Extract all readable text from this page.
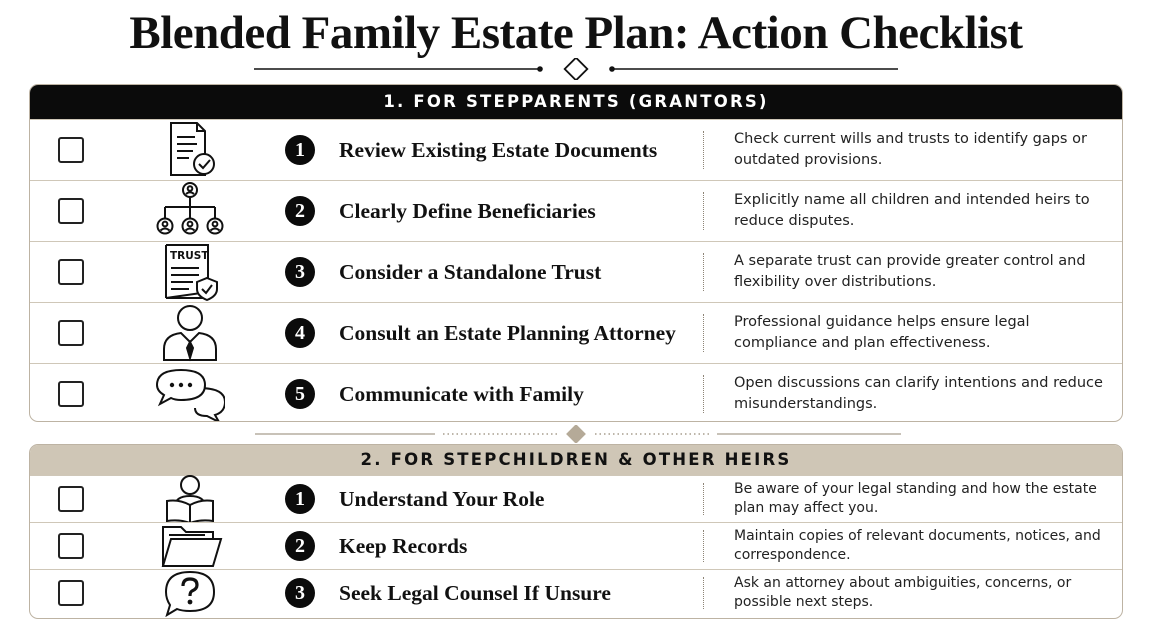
Blended Family Estate Plan: Action Checklist
1. FOR STEPPARENTS (GRANTORS)
1	Review Existing Estate Documents	Check current wills and trusts to identify gaps or outdated provisions.
2	Clearly Define Beneficiaries	Explicitly name all children and intended heirs to reduce disputes.
TRUST
3	Consider a Standalone Trust	A separate trust can provide greater control and flexibility over distributions.
4	Consult an Estate Planning Attorney	Professional guidance helps ensure legal compliance and plan effectiveness.
5	Communicate with Family	Open discussions can clarify intentions and reduce misunderstandings.
2. FOR STEPCHILDREN & OTHER HEIRS
1	Understand Your Role	Be aware of your legal standing and how the estate plan may affect you.
2	Keep Records	Maintain copies of relevant documents, notices, and correspondence.
3	Seek Legal Counsel If Unsure	Ask an attorney about ambiguities, concerns, or possible next steps.
